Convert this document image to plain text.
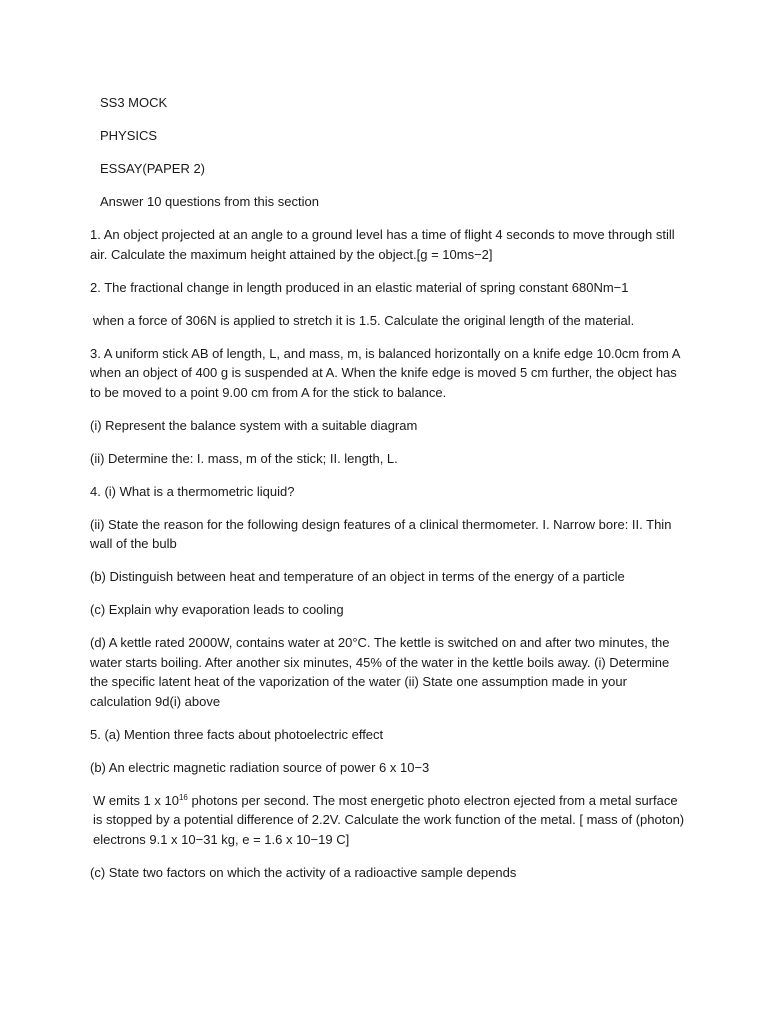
SS3 MOCK

PHYSICS

ESSAY(PAPER 2)

Answer 10 questions from this section

1. An object projected at an angle to a ground level has a time of flight 4 seconds to move through still air. Calculate the maximum height attained by the object.[g = 10ms−2]

2. The fractional change in length produced in an elastic material of spring constant 680Nm−1

when a force of 306N is applied to stretch it is 1.5. Calculate the original length of the material.

3. A uniform stick AB of length, L, and mass, m, is balanced horizontally on a knife edge 10.0cm from A when an object of 400 g is suspended at A. When the knife edge is moved 5 cm further, the object has to be moved to a point 9.00 cm from A for the stick to balance.

(i) Represent the balance system with a suitable diagram

(ii) Determine the: I. mass, m of the stick; II. length, L.

4. (i) What is a thermometric liquid?

(ii) State the reason for the following design features of a clinical thermometer. I. Narrow bore: II. Thin wall of the bulb

(b) Distinguish between heat and temperature of an object in terms of the energy of a particle

(c) Explain why evaporation leads to cooling

(d) A kettle rated 2000W, contains water at 20°C. The kettle is switched on and after two minutes, the water starts boiling. After another six minutes, 45% of the water in the kettle boils away. (i) Determine the specific latent heat of the vaporization of the water (ii) State one assumption made in your calculation 9d(i) above

5. (a) Mention three facts about photoelectric effect

(b) An electric magnetic radiation source of power 6 x 10−3

W emits 1 x $10^{16}$ photons per second. The most energetic photo electron ejected from a metal surface is stopped by a potential difference of 2.2V. Calculate the work function of the metal. [ mass of (photon) electrons 9.1 x 10−31 kg, e = 1.6 x 10−19 C]

(c) State two factors on which the activity of a radioactive sample depends
